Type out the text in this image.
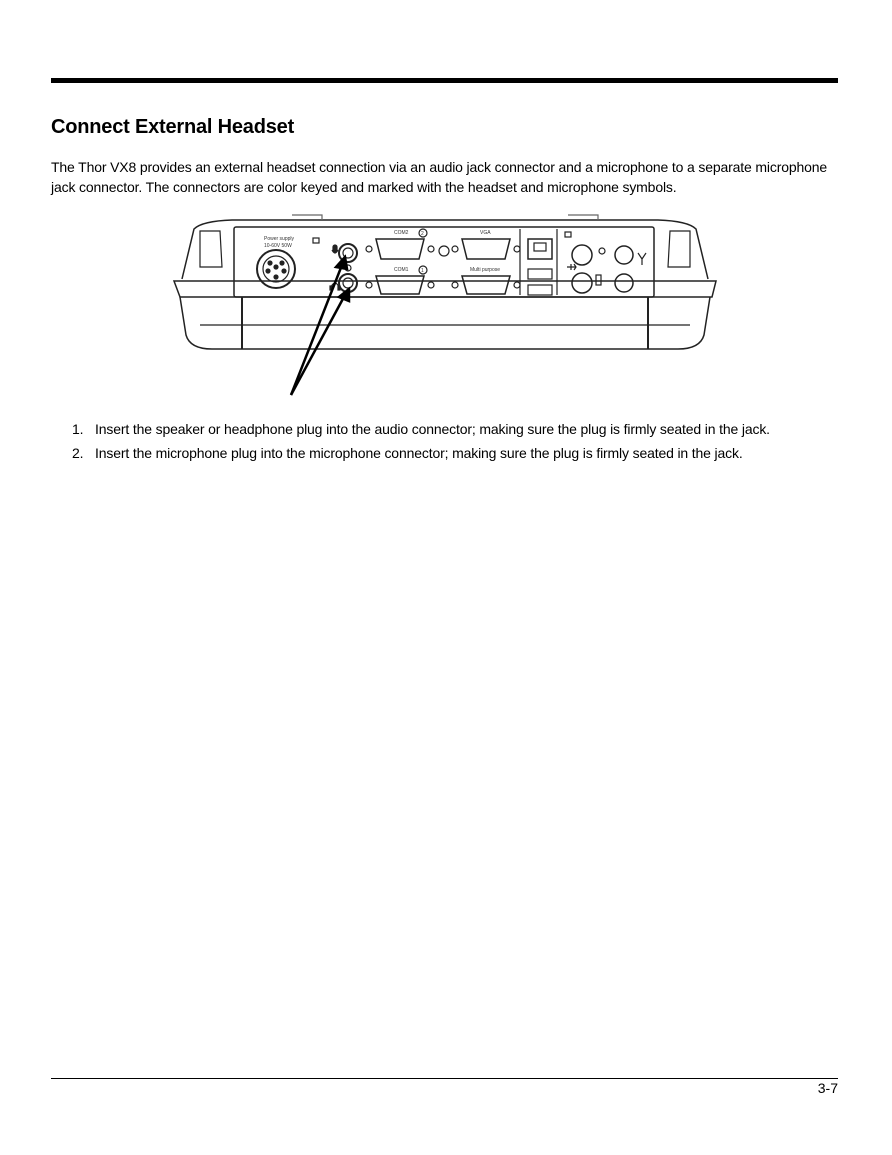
Connect External Headset

The Thor VX8 provides an external headset connection via an audio jack connector and a microphone to a separate microphone jack connector. The connectors are color keyed and marked with the headset and microphone symbols.

Power supply
10-60V 50W
COM2	2
COM1	1
VGA
Multi purpose
1. Insert the speaker or headphone plug into the audio connector; making sure the plug is firmly seated in the jack.
2. Insert the microphone plug into the microphone connector; making sure the plug is firmly seated in the jack.
3-7
